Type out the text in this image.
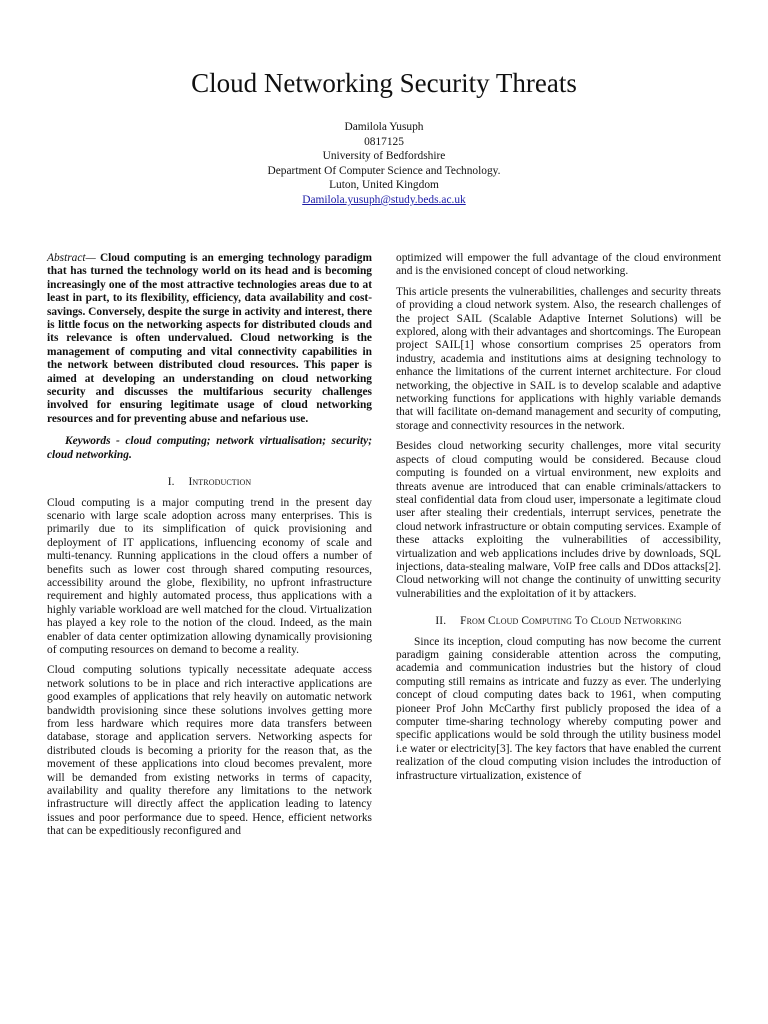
Cloud Networking Security Threats
Damilola Yusuph
0817125
University of Bedfordshire
Department Of Computer Science and Technology.
Luton, United Kingdom
Damilola.yusuph@study.beds.ac.uk

Abstract— Cloud computing is an emerging technology paradigm that has turned the technology world on its head and is becoming increasingly one of the most attractive technologies areas due to at least in part, to its flexibility, efficiency, data availability and cost-savings. Conversely, despite the surge in activity and interest, there is little focus on the networking aspects for distributed clouds and its relevance is often undervalued. Cloud networking is the management of computing and vital connectivity capabilities in the network between distributed cloud resources. This paper is aimed at developing an understanding on cloud networking security and discusses the multifarious security challenges involved for ensuring legitimate usage of cloud networking resources and for preventing abuse and nefarious use.

Keywords - cloud computing; network virtualisation; security; cloud networking.

I. Introduction

Cloud computing is a major computing trend in the present day scenario with large scale adoption across many enterprises. This is primarily due to its simplification of quick provisioning and deployment of IT applications, influencing economy of scale and multi-tenancy. Running applications in the cloud offers a number of benefits such as lower cost through shared computing resources, accessibility around the globe, flexibility, no upfront infrastructure requirement and highly automated process, thus applications with a highly variable workload are well matched for the cloud. Virtualization has played a key role to the notion of the cloud. Indeed, as the main enabler of data center optimization allowing dynamically provisioning of computing resources on demand to become a reality.

Cloud computing solutions typically necessitate adequate access network solutions to be in place and rich interactive applications are good examples of applications that rely heavily on automatic network bandwidth provisioning since these solutions involves getting more from less hardware which requires more data transfers between database, storage and application servers. Networking aspects for distributed clouds is becoming a priority for the reason that, as the movement of these applications into cloud becomes prevalent, more will be demanded from existing networks in terms of capacity, availability and quality therefore any limitations to the network infrastructure will directly affect the application leading to latency issues and poor performance due to speed. Hence, efficient networks that can be expeditiously reconfigured and

optimized will empower the full advantage of the cloud environment and is the envisioned concept of cloud networking.

This article presents the vulnerabilities, challenges and security threats of providing a cloud network system. Also, the research challenges of the project SAIL (Scalable Adaptive Internet Solutions) will be explored, along with their advantages and shortcomings. The European project SAIL[1] whose consortium comprises 25 operators from industry, academia and institutions aims at designing technology to enhance the limitations of the current internet architecture. For cloud networking, the objective in SAIL is to develop scalable and adaptive networking functions for applications with highly variable demands that will facilitate on-demand management and security of computing, storage and connectivity resources in the network.

Besides cloud networking security challenges, more vital security aspects of cloud computing would be considered. Because cloud computing is founded on a virtual environment, new exploits and threats avenue are introduced that can enable criminals/attackers to steal confidential data from cloud user, impersonate a legitimate cloud user after stealing their credentials, interrupt services, penetrate the cloud network infrastructure or obtain computing services. Example of these attacks exploiting the vulnerabilities of accessibility, virtualization and web applications includes drive by downloads, SQL injections, data-stealing malware, VoIP free calls and DDos attacks[2]. Cloud networking will not change the continuity of unwitting security vulnerabilities and the exploitation of it by attackers.

II. From Cloud Computing To Cloud Networking

Since its inception, cloud computing has now become the current paradigm gaining considerable attention across the computing, academia and communication industries but the history of cloud computing still remains as intricate and fuzzy as ever. The underlying concept of cloud computing dates back to 1961, when computing pioneer Prof John McCarthy first publicly proposed the idea of a computer time-sharing technology whereby computing power and specific applications would be sold through the utility business model i.e water or electricity[3]. The key factors that have enabled the current realization of the cloud computing vision includes the introduction of infrastructure virtualization, existence of
